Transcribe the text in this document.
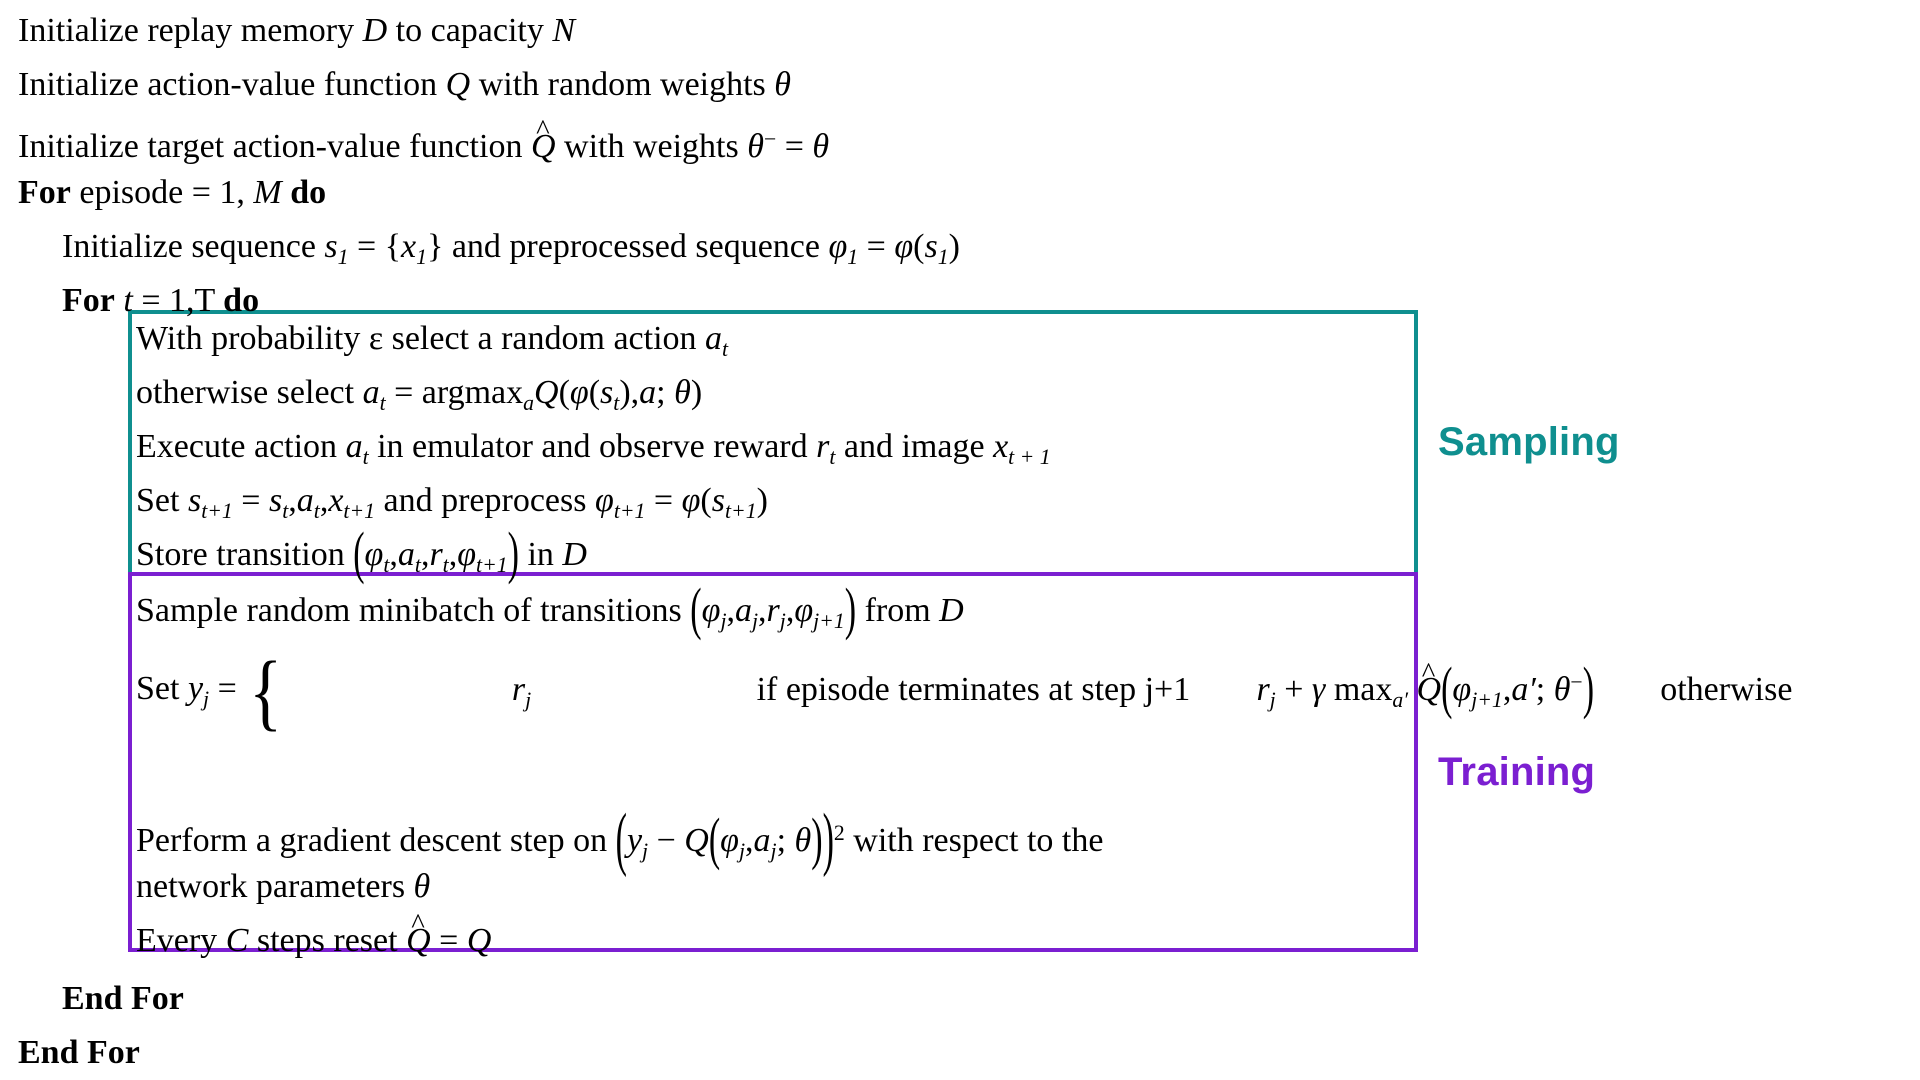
Sampling
Training
Initialize replay memory D to capacity N
Initialize action-value function Q with random weights θ
Initialize target action-value function ^ Q with weights θ− = θ
For episode = 1, M do
Initialize sequence $s_1 = \{x_1\}$ and preprocessed sequence $\varphi_1 = \varphi(s_1)$
For t = 1,T do
With probability ε select a random action $a_t$
otherwise select $a_t = argmax_aQ(\varphi(s_t),a$; θ)
Execute action $a_t$ in emulator and observe reward $r_t$ and image $x_{t + 1}$
Set $s_{t+1} = s_t,a_t,x_{t+1}$ and preprocess $\varphi_{t+1} = \varphi(s_{t+1})$
Store transition $(\varphi_t,a_t,r_t,\varphi_{t+1})$ in D
Sample random minibatch of transitions $(\varphi_j,a_j,r_j,\varphi_{j+1})$ from D
Set $y_j$ = {	$r_j$	if episode terminates at step j+1 $r_j + \gamma$ $\max_{a'}$ ^ $Q(\varphi_{j+1},a'$; θ−) otherwise
Perform a gradient descent step on ($y_j - Q(\varphi_j,a_j$; θ))$^2$ with respect to the
network parameters θ
Every C steps reset ^ Q = Q
End For
End For
